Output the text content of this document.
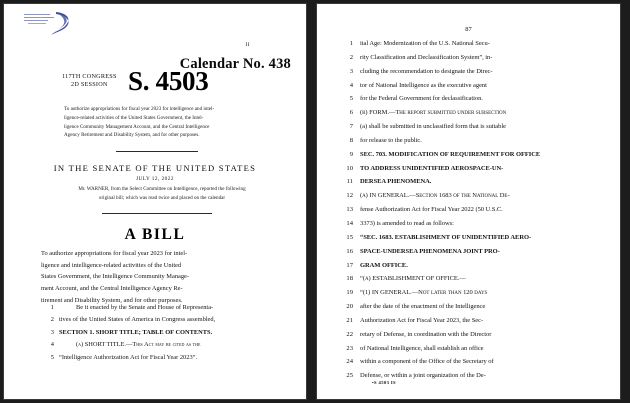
II
Calendar No. 438
117TH CONGRESS
2D SESSION S. 4503
To authorize appropriations for fiscal year 2023 for intelligence and intel-
ligence-related activities of the United States Government, the Intel-
ligence Community Management Account, and the Central Intelligence
Agency Retirement and Disability System, and for other purposes.
IN THE SENATE OF THE UNITED STATES
JULY 12, 2022
Mr. WARNER, from the Select Committee on Intelligence, reported the following original bill; which was read twice and placed on the calendar
A BILL
To authorize appropriations for fiscal year 2023 for intel-
ligence and intelligence-related activities of the United
States Government, the Intelligence Community Manage-
ment Account, and the Central Intelligence Agency Re-
tirement and Disability System, and for other purposes.
1	Be it enacted by the Senate and House of Representa-
2 tives of the United States of America in Congress assembled,
3 SECTION 1. SHORT TITLE; TABLE OF CONTENTS.
4	(a) SHORT TITLE.—This Act may be cited as the
5 “Intelligence Authorization Act for Fiscal Year 2023”.
87
1	ital Age: Modernization of the U.S. National Secu-
2	rity Classification and Declassification System”, in-
3	cluding the recommendation to designate the Direc-
4	tor of National Intelligence as the executive agent
5	for the Federal Government for declassification.
6	(b) FORM.—The report submitted under subsection
7	(a) shall be submitted in unclassified form that is suitable
8	for release to the public.
9	SEC. 703. MODIFICATION OF REQUIREMENT FOR OFFICE
10	TO ADDRESS UNIDENTIFIED AEROSPACE-UN-
11	DERSEA PHENOMENA.
12	(a) IN GENERAL.—Section 1683 of the National De-
13	fense Authorization Act for Fiscal Year 2022 (50 U.S.C.
14	3373) is amended to read as follows:
15	“SEC. 1683. ESTABLISHMENT OF UNIDENTIFIED AERO-
16	SPACE-UNDERSEA PHENOMENA JOINT PRO-
17	GRAM OFFICE.
18	“(a) ESTABLISHMENT OF OFFICE.—
19	“(1) IN GENERAL.—Not later than 120 days
20	after the date of the enactment of the Intelligence
21	Authorization Act for Fiscal Year 2023, the Sec-
22	retary of Defense, in coordination with the Director
23	of National Intelligence, shall establish an office
24	within a component of the Office of the Secretary of
25	Defense, or within a joint organization of the De-
•S 4503 IS
